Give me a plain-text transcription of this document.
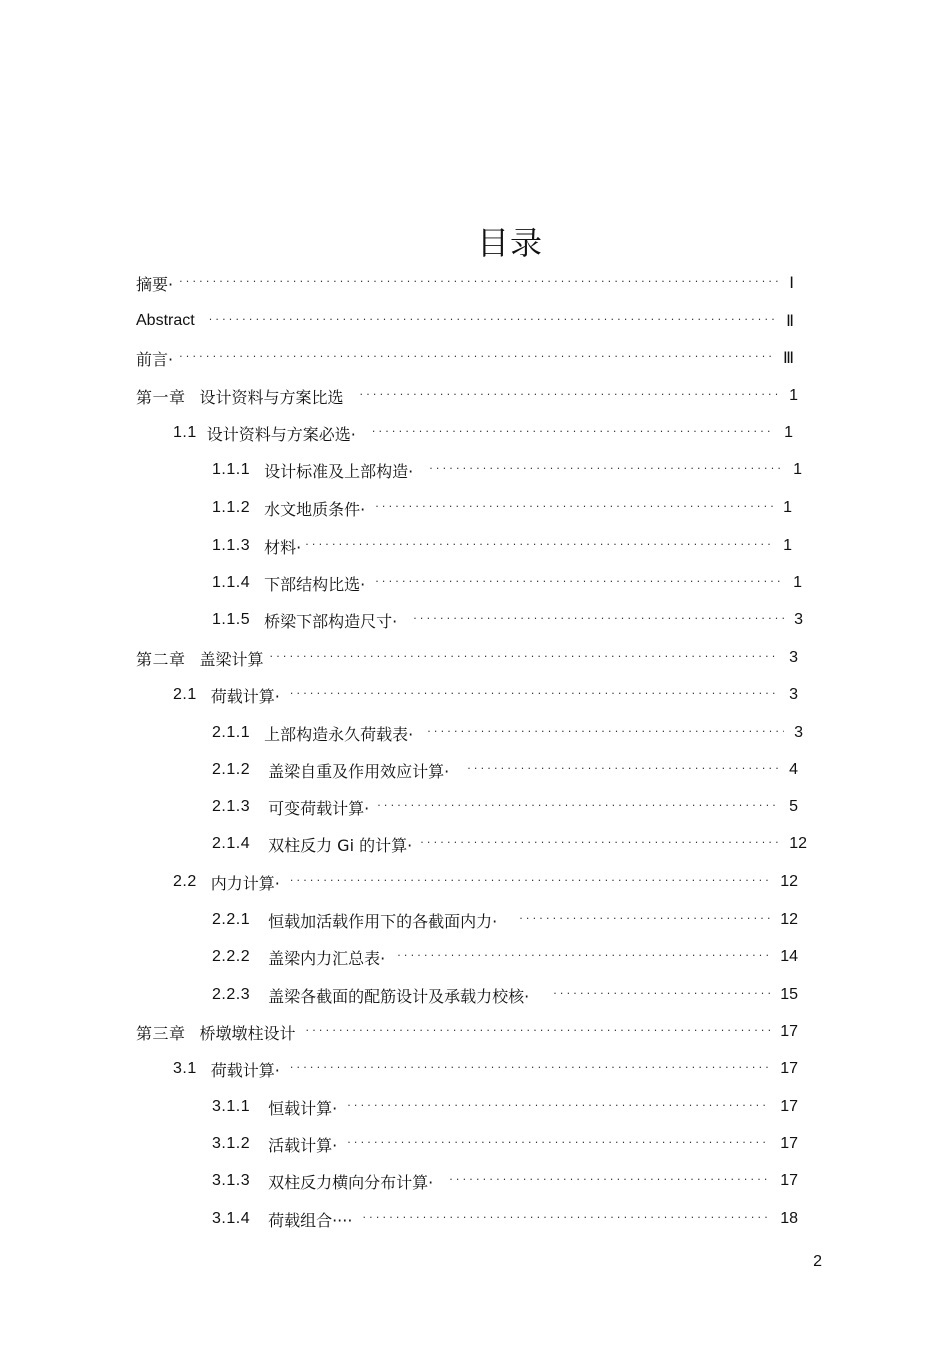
目录
摘要· ·····	Ⅰ
Abstract ·····	Ⅱ
前言· ·····	Ⅲ
第一章 设计资料与方案比选 ·····	1
1.1 设计资料与方案必选· ·····	1
1.1.1 设计标准及上部构造· ·····	1
1.1.2 水文地质条件· ·····	1
1.1.3 材料· ·····	1
1.1.4 下部结构比选· ·····	1
1.1.5 桥梁下部构造尺寸· ·····	3
第二章 盖梁计算 ·····	3
2.1 荷载计算· ·····	3
2.1.1 上部构造永久荷载表· ·····	3
2.1.2 盖梁自重及作用效应计算· ·····	4
2.1.3 可变荷载计算· ·····	5
2.1.4 双柱反力 Gi 的计算· ·····	12
2.2 内力计算· ·····	12
2.2.1 恒载加活载作用下的各截面内力· ·····	12
2.2.2 盖梁内力汇总表· ·····	14
2.2.3 盖梁各截面的配筋设计及承载力校核· ·····	15
第三章 桥墩墩柱设计 ·····	17
3.1 荷载计算· ·····	17
3.1.1 恒载计算· ·····	17
3.1.2 活载计算· ·····	17
3.1.3 双柱反力横向分布计算· ·····	17
3.1.4 荷载组合···· ·····	18
2
